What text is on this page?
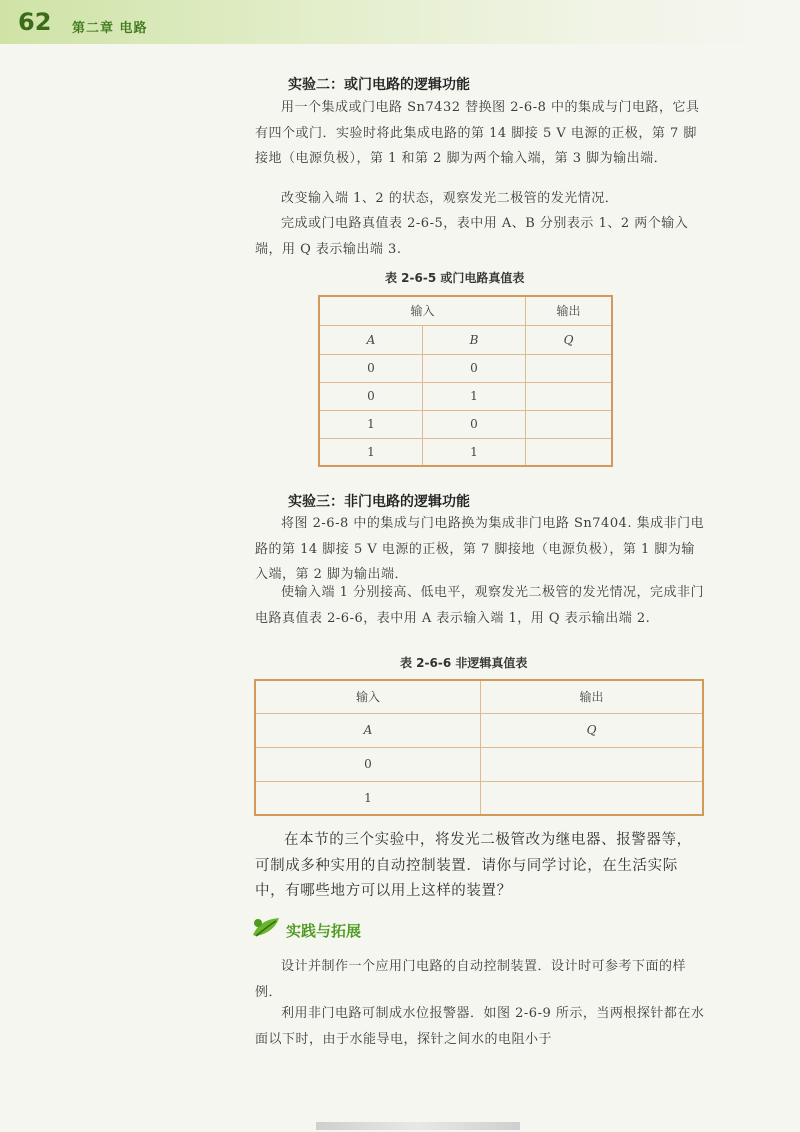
62 第二章 电路
实验二：或门电路的逻辑功能

用一个集成或门电路 Sn7432 替换图 2-6-8 中的集成与门电路，它具有四个或门．实验时将此集成电路的第 14 脚接 5 V 电源的正极，第 7 脚接地（电源负极），第 1 和第 2 脚为两个输入端，第 3 脚为输出端．

改变输入端 1、2 的状态，观察发光二极管的发光情况．

完成或门电路真值表 2-6-5，表中用 A、B 分别表示 1、2 两个输入端，用 Q 表示输出端 3.

表 2-6-5 或门电路真值表
输入		输出
A	B	Q
0	0	
0	1	
1	0	
1	1	
实验三：非门电路的逻辑功能

将图 2-6-8 中的集成与门电路换为集成非门电路 Sn7404. 集成非门电路的第 14 脚接 5 V 电源的正极，第 7 脚接地（电源负极），第 1 脚为输入端，第 2 脚为输出端．

使输入端 1 分别接高、低电平，观察发光二极管的发光情况，完成非门电路真值表 2-6-6，表中用 A 表示输入端 1，用 Q 表示输出端 2.

表 2-6-6 非逻辑真值表
输入	输出
A	Q
0	
1	

在本节的三个实验中，将发光二极管改为继电器、报警器等，可制成多种实用的自动控制装置．请你与同学讨论，在生活实际中，有哪些地方可以用上这样的装置？

实践与拓展

设计并制作一个应用门电路的自动控制装置．设计时可参考下面的样例．

利用非门电路可制成水位报警器．如图 2-6-9 所示，当两根探针都在水面以下时，由于水能导电，探针之间水的电阻小于
